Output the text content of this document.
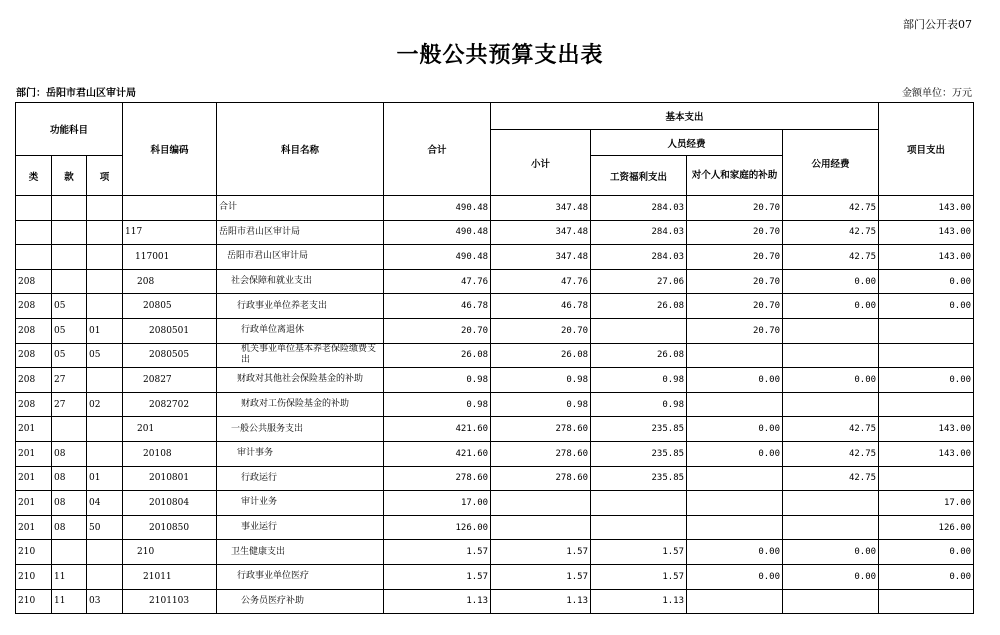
部门公开表07
一般公共预算支出表
部门：岳阳市君山区审计局	金额单位：万元
功能科目			科目编码	科目名称	合计	基本支出				项目支出
						小计	人员经费		公用经费	
类	款	项					工资福利支出	对个人和家庭的补助		

				合计	490.48	347.48	284.03	20.70	42.75	143.00
			117	岳阳市君山区审计局	490.48	347.48	284.03	20.70	42.75	143.00
			117001	岳阳市君山区审计局	490.48	347.48	284.03	20.70	42.75	143.00
208			208	社会保障和就业支出	47.76	47.76	27.06	20.70	0.00	0.00
208	05		20805	行政事业单位养老支出	46.78	46.78	26.08	20.70	0.00	0.00
208	05	01	2080501	行政单位离退休	20.70	20.70		20.70		
208	05	05	2080505	机关事业单位基本养老保险缴费支出	26.08	26.08	26.08			
208	27		20827	财政对其他社会保险基金的补助	0.98	0.98	0.98	0.00	0.00	0.00
208	27	02	2082702	财政对工伤保险基金的补助	0.98	0.98	0.98			
201			201	一般公共服务支出	421.60	278.60	235.85	0.00	42.75	143.00
201	08		20108	审计事务	421.60	278.60	235.85	0.00	42.75	143.00
201	08	01	2010801	行政运行	278.60	278.60	235.85		42.75	
201	08	04	2010804	审计业务	17.00					17.00
201	08	50	2010850	事业运行	126.00					126.00
210			210	卫生健康支出	1.57	1.57	1.57	0.00	0.00	0.00
210	11		21011	行政事业单位医疗	1.57	1.57	1.57	0.00	0.00	0.00
210	11	03	2101103	公务员医疗补助	1.13	1.13	1.13			
